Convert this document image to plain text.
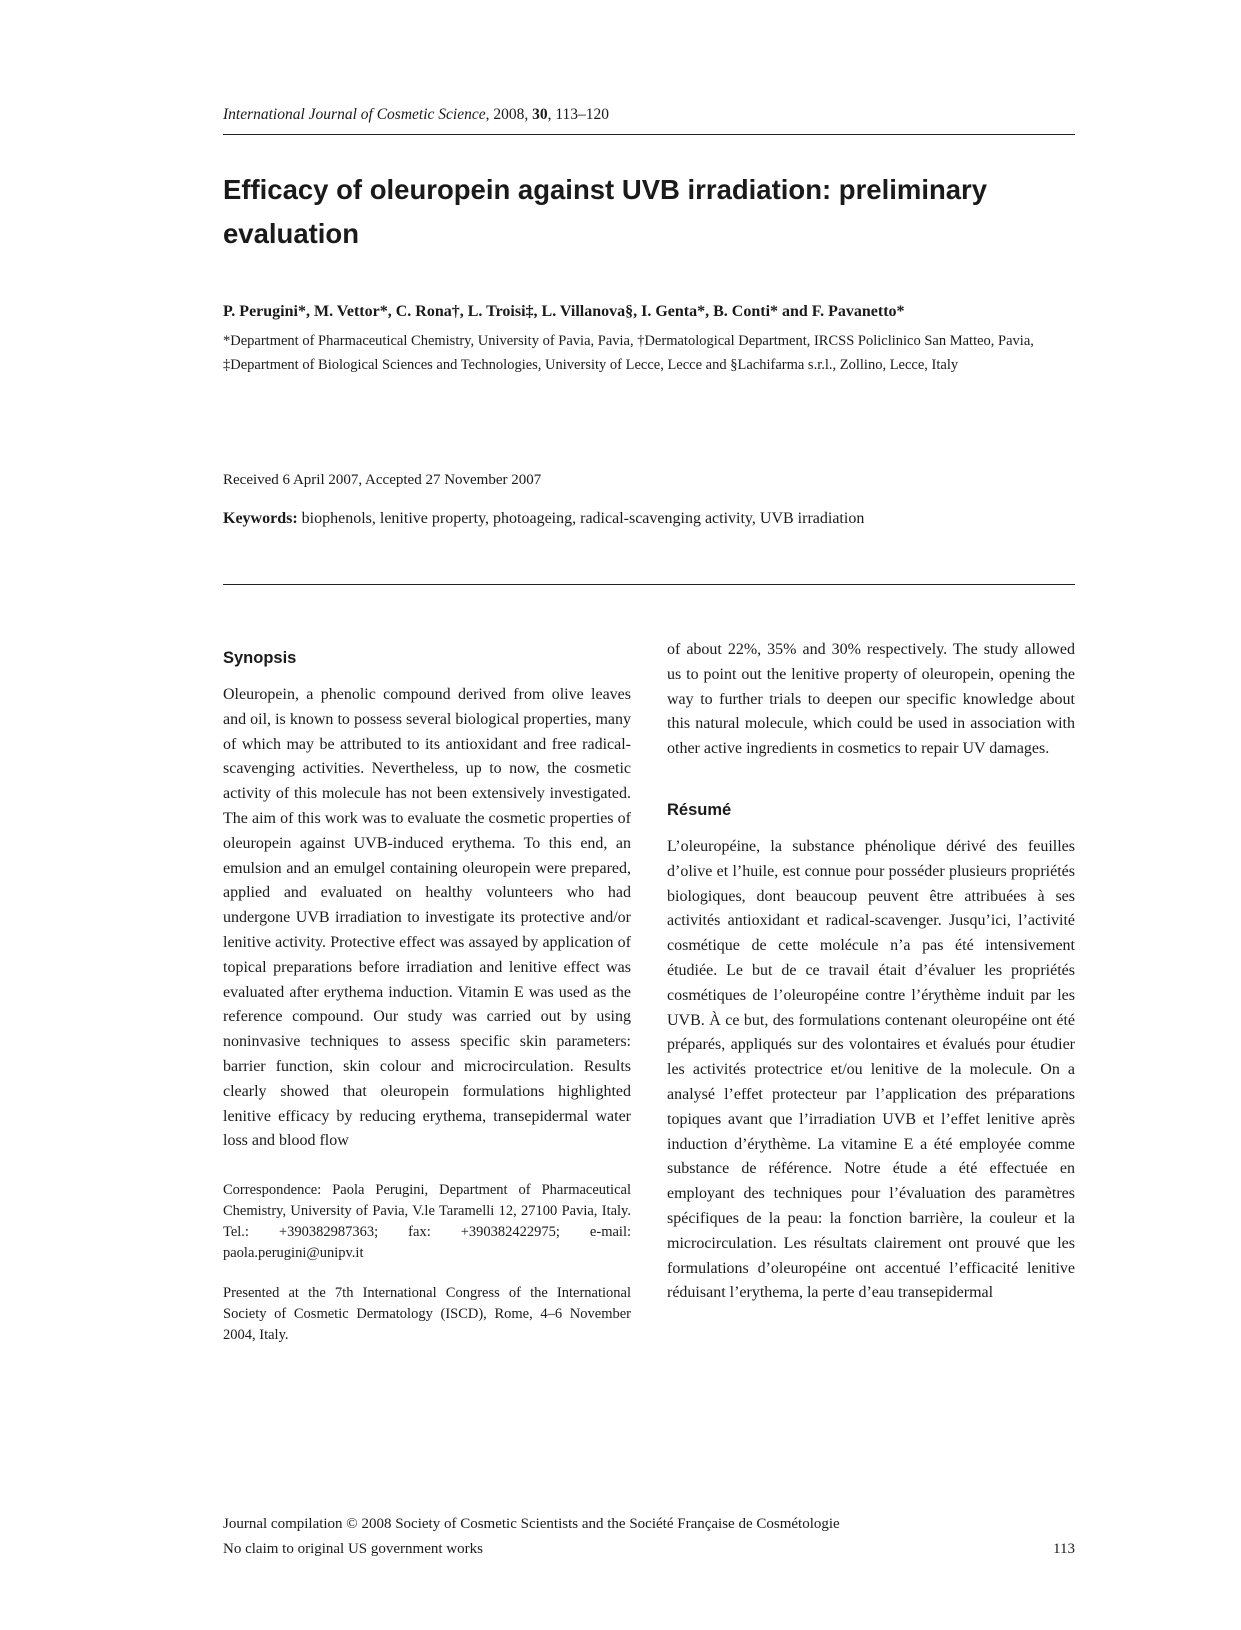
International Journal of Cosmetic Science, 2008, 30, 113–120
Efficacy of oleuropein against UVB irradiation: preliminary evaluation
P. Perugini*, M. Vettor*, C. Rona†, L. Troisi‡, L. Villanova§, I. Genta*, B. Conti* and F. Pavanetto*
*Department of Pharmaceutical Chemistry, University of Pavia, Pavia, †Dermatological Department, IRCSS Policlinico San Matteo, Pavia, ‡Department of Biological Sciences and Technologies, University of Lecce, Lecce and §Lachifarma s.r.l., Zollino, Lecce, Italy
Received 6 April 2007, Accepted 27 November 2007
Keywords: biophenols, lenitive property, photoageing, radical-scavenging activity, UVB irradiation
Synopsis

Oleuropein, a phenolic compound derived from olive leaves and oil, is known to possess several biological properties, many of which may be attributed to its antioxidant and free radical-scavenging activities. Nevertheless, up to now, the cosmetic activity of this molecule has not been extensively investigated. The aim of this work was to evaluate the cosmetic properties of oleuropein against UVB-induced erythema. To this end, an emulsion and an emulgel containing oleuropein were prepared, applied and evaluated on healthy volunteers who had undergone UVB irradiation to investigate its protective and/or lenitive activity. Protective effect was assayed by application of topical preparations before irradiation and lenitive effect was evaluated after erythema induction. Vitamin E was used as the reference compound. Our study was carried out by using noninvasive techniques to assess specific skin parameters: barrier function, skin colour and microcirculation. Results clearly showed that oleuropein formulations highlighted lenitive efficacy by reducing erythema, transepidermal water loss and blood flow

Correspondence: Paola Perugini, Department of Pharmaceutical Chemistry, University of Pavia, V.le Taramelli 12, 27100 Pavia, Italy. Tel.: +390382987363; fax: +390382422975; e-mail: paola.perugini@unipv.it

Presented at the 7th International Congress of the International Society of Cosmetic Dermatology (ISCD), Rome, 4–6 November 2004, Italy.

of about 22%, 35% and 30% respectively. The study allowed us to point out the lenitive property of oleuropein, opening the way to further trials to deepen our specific knowledge about this natural molecule, which could be used in association with other active ingredients in cosmetics to repair UV damages.

Résumé

L’oleuropéine, la substance phénolique dérivé des feuilles d’olive et l’huile, est connue pour posséder plusieurs propriétés biologiques, dont beaucoup peuvent être attribuées à ses activités antioxidant et radical-scavenger. Jusqu’ici, l’activité cosmétique de cette molécule n’a pas été intensivement étudiée. Le but de ce travail était d’évaluer les propriétés cosmétiques de l’oleuropéine contre l’érythème induit par les UVB. À ce but, des formulations contenant oleuropéine ont été préparés, appliqués sur des volontaires et évalués pour étudier les activités protectrice et/ou lenitive de la molecule. On a analysé l’effet protecteur par l’application des préparations topiques avant que l’irradiation UVB et l’effet lenitive après induction d’érythème. La vitamine E a été employée comme substance de référence. Notre étude a été effectuée en employant des techniques pour l’évaluation des paramètres spécifiques de la peau: la fonction barrière, la couleur et la microcirculation. Les résultats clairement ont prouvé que les formulations d’oleuropéine ont accentué l’efficacité lenitive réduisant l’erythema, la perte d’eau transepidermal

Journal compilation © 2008 Society of Cosmetic Scientists and the Société Française de Cosmétologie
No claim to original US government works	113
